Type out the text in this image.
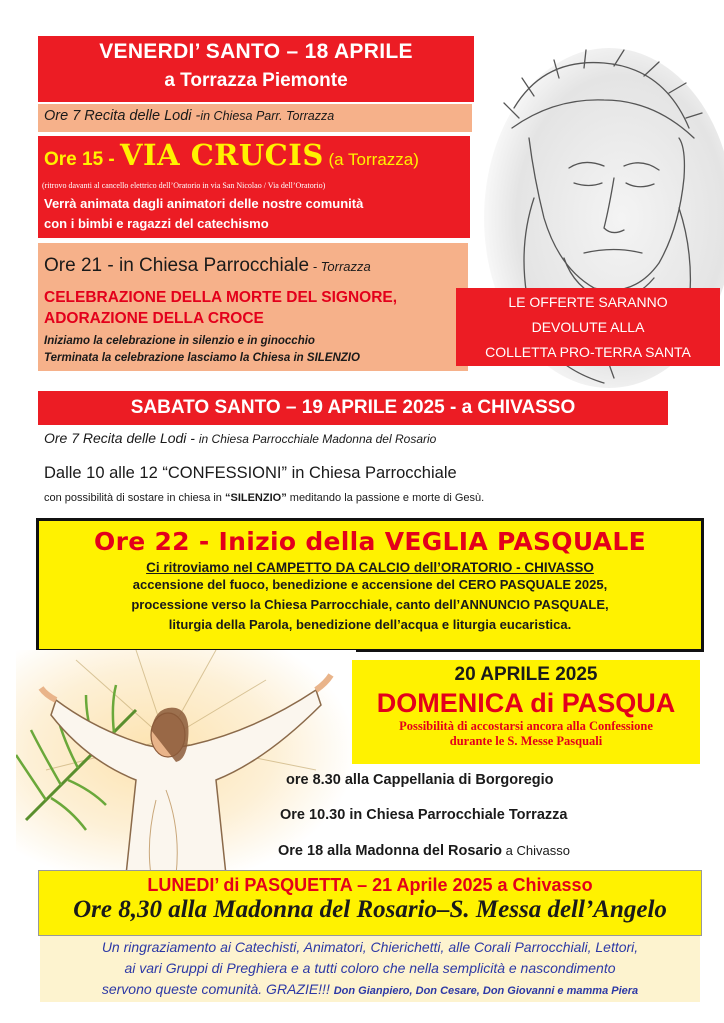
VENERDI’ SANTO – 18 APRILE
a Torrazza Piemonte
Ore 7 Recita delle Lodi -in Chiesa Parr. Torrazza
Ore 15 - VIA CRUCIS (a Torrazza)
(ritrovo davanti al cancello elettrico dell’Oratorio in via San Nicolao / Via dell’Oratorio)
Verrà animata dagli animatori delle nostre comunità
con i bimbi e ragazzi del catechismo
Ore 21 - in Chiesa Parrocchiale - Torrazza
CELEBRAZIONE DELLA MORTE DEL SIGNORE,
ADORAZIONE DELLA CROCE
Iniziamo la celebrazione in silenzio e in ginocchio
Terminata la celebrazione lasciamo la Chiesa in SILENZIO
LE OFFERTE SARANNO
DEVOLUTE ALLA
COLLETTA PRO-TERRA SANTA
SABATO SANTO – 19 APRILE 2025 - a CHIVASSO
Ore 7 Recita delle Lodi - in Chiesa Parrocchiale Madonna del Rosario
Dalle 10 alle 12 “CONFESSIONI” in Chiesa Parrocchiale
con possibilità di sostare in chiesa in “SILENZIO” meditando la passione e morte di Gesù.
Ore 22 - Inizio della VEGLIA PASQUALE
Ci ritroviamo nel CAMPETTO DA CALCIO dell’ORATORIO - CHIVASSO
accensione del fuoco, benedizione e accensione del CERO PASQUALE 2025,
processione verso la Chiesa Parrocchiale, canto dell’ANNUNCIO PASQUALE,
liturgia della Parola, benedizione dell’acqua e liturgia eucaristica.
20 APRILE 2025
DOMENICA di PASQUA
Possibilità di accostarsi ancora alla Confessione
durante le S. Messe Pasquali
ore 8.30 alla Cappellania di Borgoregio
Ore 10.30 in Chiesa Parrocchiale Torrazza
Ore 18 alla Madonna del Rosario a Chivasso
LUNEDI’ di PASQUETTA – 21 Aprile 2025 a Chivasso
Ore 8,30 alla Madonna del Rosario–S. Messa dell’Angelo
Un ringraziamento ai Catechisti, Animatori, Chierichetti, alle Corali Parrocchiali, Lettori,
ai vari Gruppi di Preghiera e a tutti coloro che nella semplicità e nascondimento
servono queste comunità. GRAZIE!!! Don Gianpiero, Don Cesare, Don Giovanni e mamma Piera
